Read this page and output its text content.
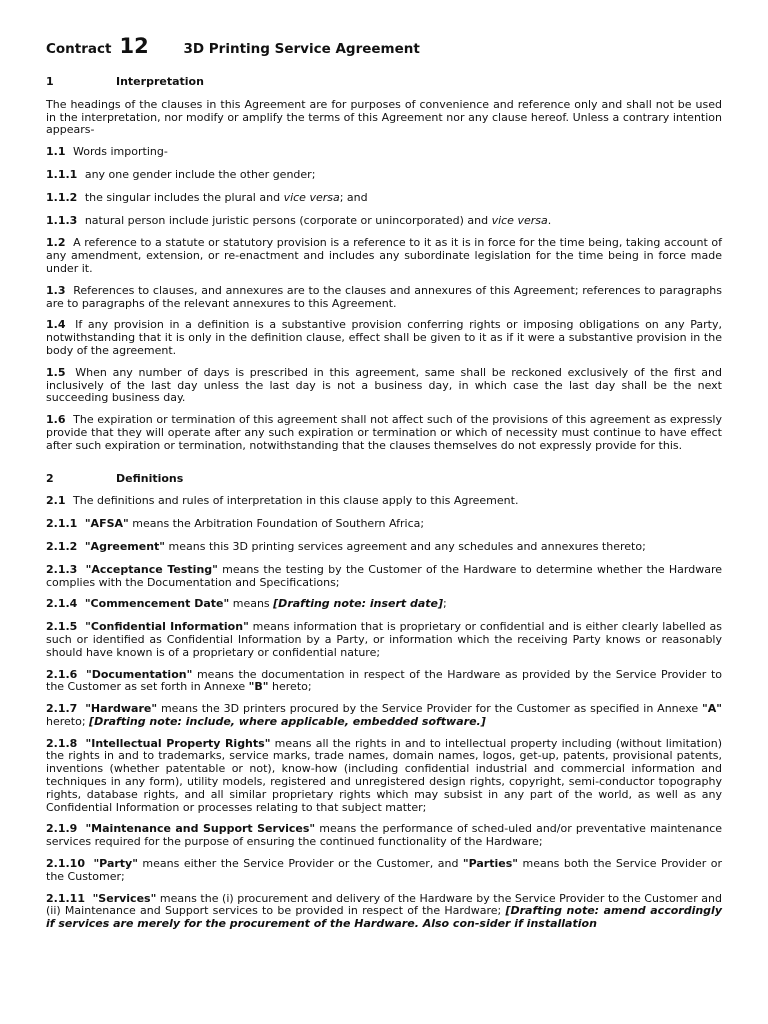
Contract 12	3D Printing Service Agreement
1	Interpretation

The headings of the clauses in this Agreement are for purposes of convenience and reference only and shall not be used in the interpretation, nor modify or amplify the terms of this Agreement nor any clause hereof. Unless a contrary intention appears-

1.1 Words importing-

1.1.1 any one gender include the other gender;

1.1.2 the singular includes the plural and vice versa; and

1.1.3 natural person include juristic persons (corporate or unincorporated) and vice versa.

1.2 A reference to a statute or statutory provision is a reference to it as it is in force for the time being, taking account of any amendment, extension, or re-enactment and includes any subordinate legislation for the time being in force made under it.

1.3 References to clauses, and annexures are to the clauses and annexures of this Agreement; references to paragraphs are to paragraphs of the relevant annexures to this Agreement.

1.4 If any provision in a definition is a substantive provision conferring rights or imposing obligations on any Party, notwithstanding that it is only in the definition clause, effect shall be given to it as if it were a substantive provision in the body of the agreement.

1.5 When any number of days is prescribed in this agreement, same shall be reckoned exclusively of the first and inclusively of the last day unless the last day is not a business day, in which case the last day shall be the next succeeding business day.

1.6 The expiration or termination of this agreement shall not affect such of the provisions of this agreement as expressly provide that they will operate after any such expiration or termination or which of necessity must continue to have effect after such expiration or termination, notwithstanding that the clauses themselves do not expressly provide for this.

2	Definitions

2.1 The definitions and rules of interpretation in this clause apply to this Agreement.

2.1.1 "AFSA" means the Arbitration Foundation of Southern Africa;

2.1.2 "Agreement" means this 3D printing services agreement and any schedules and annexures thereto;

2.1.3 "Acceptance Testing" means the testing by the Customer of the Hardware to determine whether the Hardware complies with the Documentation and Specifications;

2.1.4 "Commencement Date" means [Drafting note: insert date];

2.1.5 "Confidential Information" means information that is proprietary or confidential and is either clearly labelled as such or identified as Confidential Information by a Party, or information which the receiving Party knows or reasonably should have known is of a proprietary or confidential nature;

2.1.6 "Documentation" means the documentation in respect of the Hardware as provided by the Service Provider to the Customer as set forth in Annexe "B" hereto;

2.1.7 "Hardware" means the 3D printers procured by the Service Provider for the Customer as specified in Annexe "A" hereto; [Drafting note: include, where applicable, embedded software.]

2.1.8 "Intellectual Property Rights" means all the rights in and to intellectual property including (without limitation) the rights in and to trademarks, service marks, trade names, domain names, logos, get-up, patents, provisional patents, inventions (whether patentable or not), know-how (including confidential industrial and commercial information and techniques in any form), utility models, registered and unregistered design rights, copyright, semi-conductor topography rights, database rights, and all similar proprietary rights which may subsist in any part of the world, as well as any Confidential Information or processes relating to that subject matter;

2.1.9 "Maintenance and Support Services" means the performance of sched-uled and/or preventative maintenance services required for the purpose of ensuring the continued functionality of the Hardware;

2.1.10 "Party" means either the Service Provider or the Customer, and "Parties" means both the Service Provider or the Customer;

2.1.11 "Services" means the (i) procurement and delivery of the Hardware by the Service Provider to the Customer and (ii) Maintenance and Support services to be provided in respect of the Hardware; [Drafting note: amend accordingly if services are merely for the procurement of the Hardware. Also con-sider if installation
